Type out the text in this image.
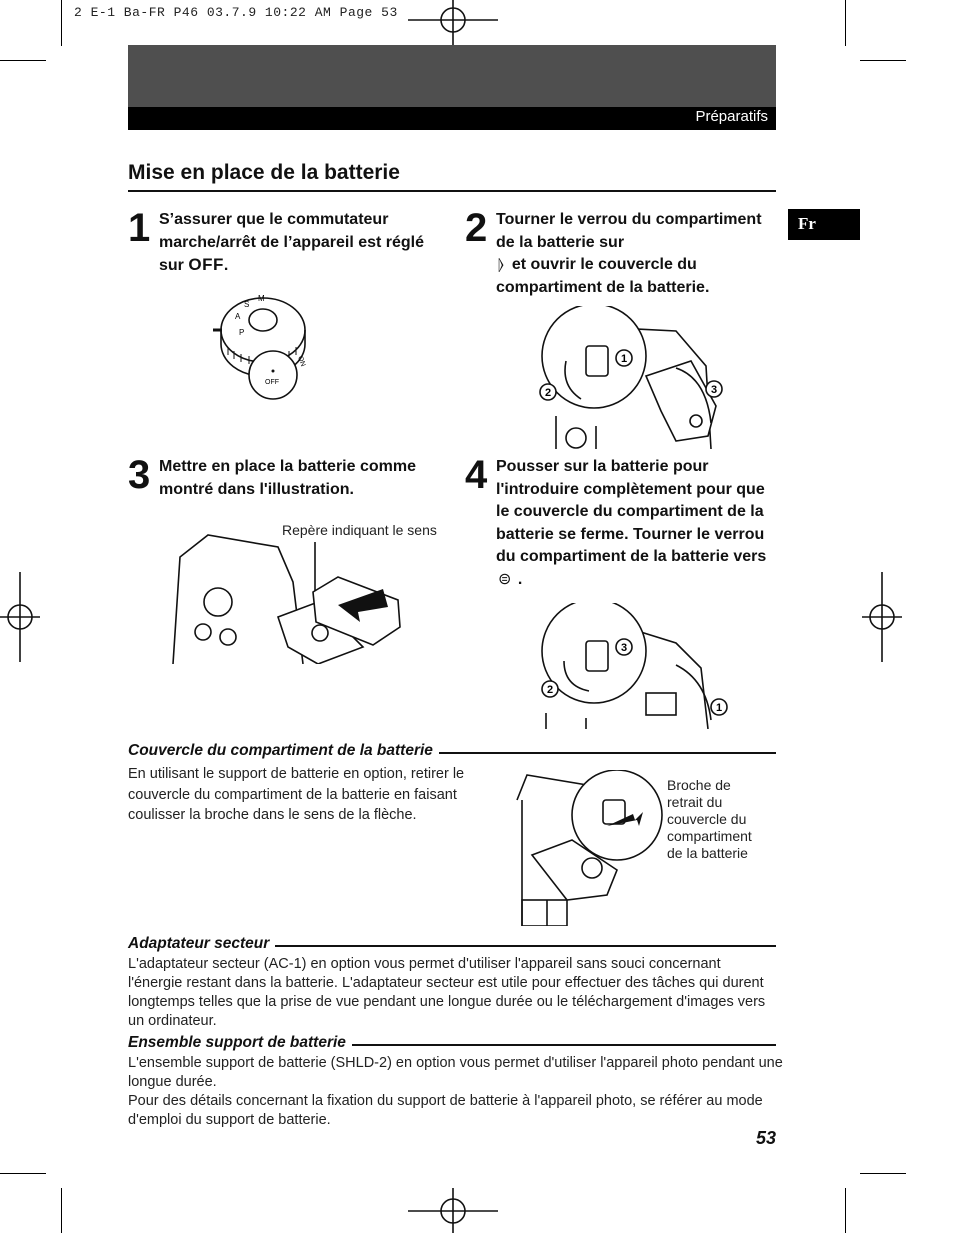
2 E-1 Ba-FR P46 03.7.9 10:22 AM Page 53
Préparatifs
Fr
Mise en place de la batterie
1 S’assurer que le commutateur marche/arrêt de l’appareil est réglé sur OFF.
S
M
A
P
OFF
ON
2 Tourner le verrou du compartiment de la batterie sur
⦊ et ouvrir le couvercle du compartiment de la batterie.
1
2	3
3 Mettre en place la batterie comme montré dans l'illustration.
Repère indiquant le sens
4 Pousser sur la batterie pour l'introduire complètement pour que le couvercle du compartiment de la batterie se ferme. Tourner le verrou du compartiment de la batterie vers ⊜ .
3
2
1
Couvercle du compartiment de la batterie
En utilisant le support de batterie en option, retirer le couvercle du compartiment de la batterie en faisant coulisser la broche dans le sens de la flèche.
Broche de
retrait du
couvercle du
compartiment
de la batterie
Adaptateur secteur
L'adaptateur secteur (AC-1) en option vous permet d'utiliser l'appareil sans souci concernant l'énergie restant dans la batterie. L'adaptateur secteur est utile pour effectuer des tâches qui durent longtemps telles que la prise de vue pendant une longue durée ou le téléchargement d'images vers un ordinateur.
Ensemble support de batterie
L'ensemble support de batterie (SHLD-2) en option vous permet d'utiliser l'appareil photo pendant une longue durée.
Pour des détails concernant la fixation du support de batterie à l'appareil photo, se référer au mode d'emploi du support de batterie.
53
